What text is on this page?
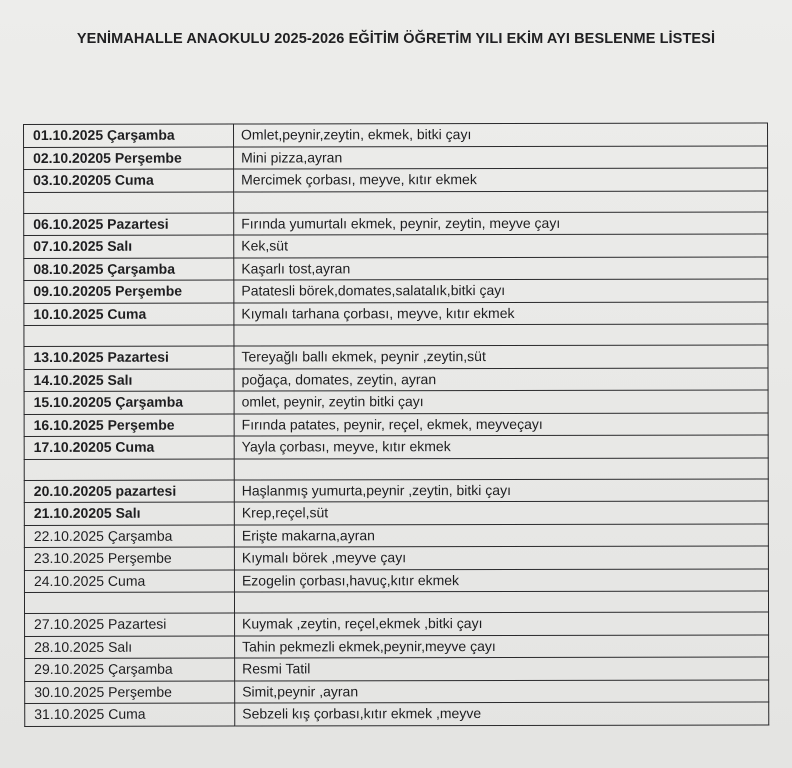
YENİMAHALLE ANAOKULU 2025-2026 EĞİTİM ÖĞRETİM YILI EKİM AYI BESLENME LİSTESİ
01.10.2025 Çarşamba	Omlet,peynir,zeytin, ekmek, bitki çayı
02.10.20205 Perşembe	Mini pizza,ayran
03.10.20205 Cuma	Mercimek çorbası, meyve, kıtır ekmek

06.10.2025 Pazartesi	Fırında yumurtalı ekmek, peynir, zeytin, meyve çayı
07.10.2025 Salı	Kek,süt
08.10.2025 Çarşamba	Kaşarlı tost,ayran
09.10.20205 Perşembe	Patatesli börek,domates,salatalık,bitki çayı
10.10.2025 Cuma	Kıymalı tarhana çorbası, meyve, kıtır ekmek

13.10.2025 Pazartesi	Tereyağlı ballı ekmek, peynir ,zeytin,süt
14.10.2025 Salı	poğaça, domates, zeytin, ayran
15.10.20205 Çarşamba	omlet, peynir, zeytin bitki çayı
16.10.2025 Perşembe	Fırında patates, peynir, reçel, ekmek, meyveçayı
17.10.20205 Cuma	Yayla çorbası, meyve, kıtır ekmek

20.10.20205 pazartesi	Haşlanmış yumurta,peynir ,zeytin, bitki çayı
21.10.20205 Salı	Krep,reçel,süt
22.10.2025 Çarşamba	Erişte makarna,ayran
23.10.2025 Perşembe	Kıymalı börek ,meyve çayı
24.10.2025 Cuma	Ezogelin çorbası,havuç,kıtır ekmek

27.10.2025 Pazartesi	Kuymak ,zeytin, reçel,ekmek ,bitki çayı
28.10.2025 Salı	Tahin pekmezli ekmek,peynir,meyve çayı
29.10.2025 Çarşamba	Resmi Tatil
30.10.2025 Perşembe	Simit,peynir ,ayran
31.10.2025 Cuma	Sebzeli kış çorbası,kıtır ekmek ,meyve
